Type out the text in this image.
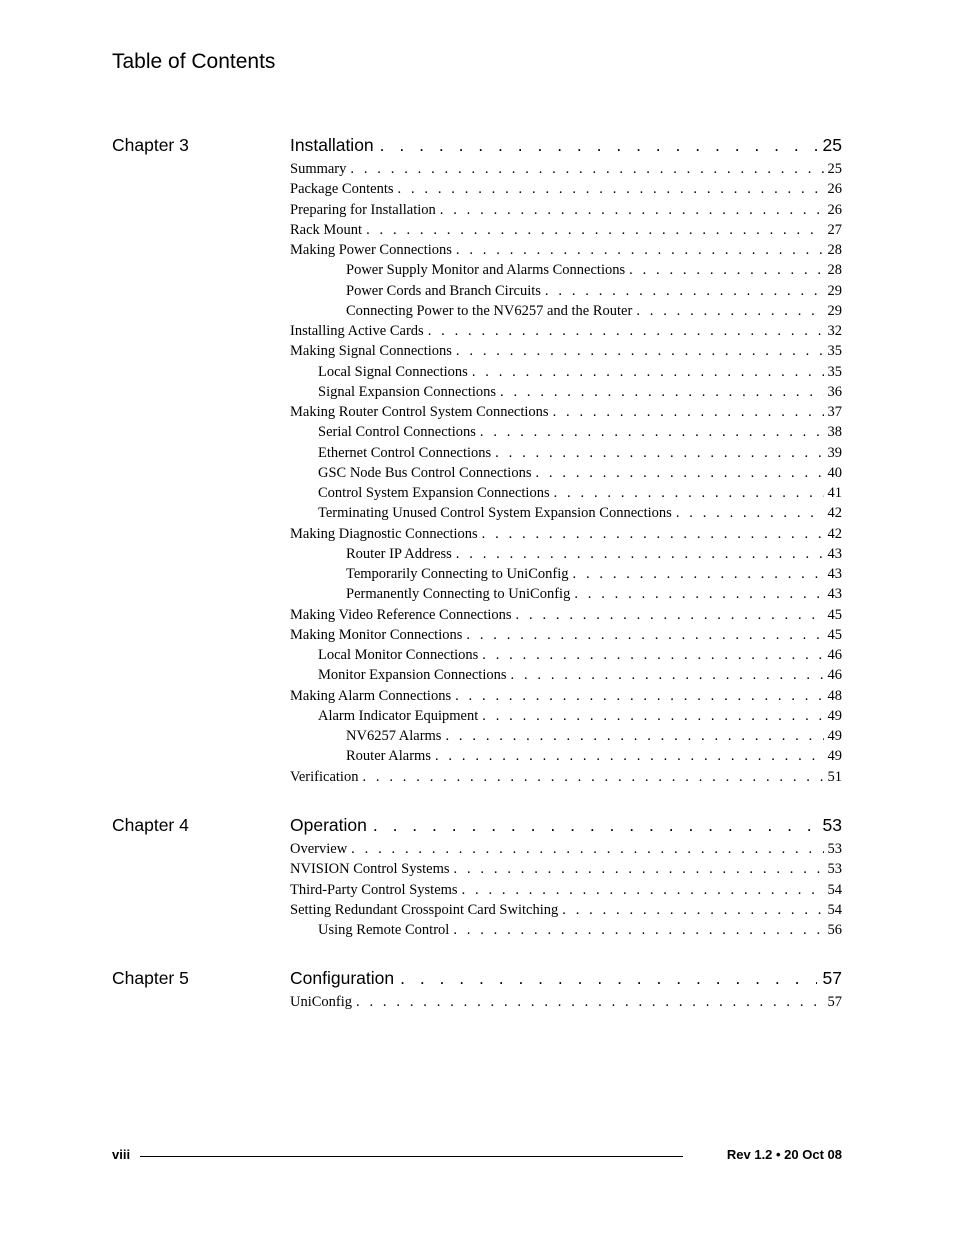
Table of Contents
Chapter 3	Installation . . .	25
Summary . . .	25
Package Contents . . .	26
Preparing for Installation . . .	26
Rack Mount . . .	27
Making Power Connections . . .	28
Power Supply Monitor and Alarms Connections . . .	28
Power Cords and Branch Circuits . . .	29
Connecting Power to the NV6257 and the Router . . .	29
Installing Active Cards . . .	32
Making Signal Connections . . .	35
Local Signal Connections . . .	35
Signal Expansion Connections . . .	36
Making Router Control System Connections . . .	37
Serial Control Connections . . .	38
Ethernet Control Connections . . .	39
GSC Node Bus Control Connections . . .	40
Control System Expansion Connections . . .	41
Terminating Unused Control System Expansion Connections . . .	42
Making Diagnostic Connections . . .	42
Router IP Address . . .	43
Temporarily Connecting to UniConfig . . .	43
Permanently Connecting to UniConfig . . .	43
Making Video Reference Connections . . .	45
Making Monitor Connections . . .	45
Local Monitor Connections . . .	46
Monitor Expansion Connections . . .	46
Making Alarm Connections . . .	48
Alarm Indicator Equipment . . .	49
NV6257 Alarms . . .	49
Router Alarms . . .	49
Verification . . .	51
Chapter 4	Operation . . .	53
Overview . . .	53
NVISION Control Systems . . .	53
Third-Party Control Systems . . .	54
Setting Redundant Crosspoint Card Switching . . .	54
Using Remote Control . . .	56
Chapter 5	Configuration . . .	57
UniConfig . . .	57
viii	Rev 1.2 • 20 Oct 08
